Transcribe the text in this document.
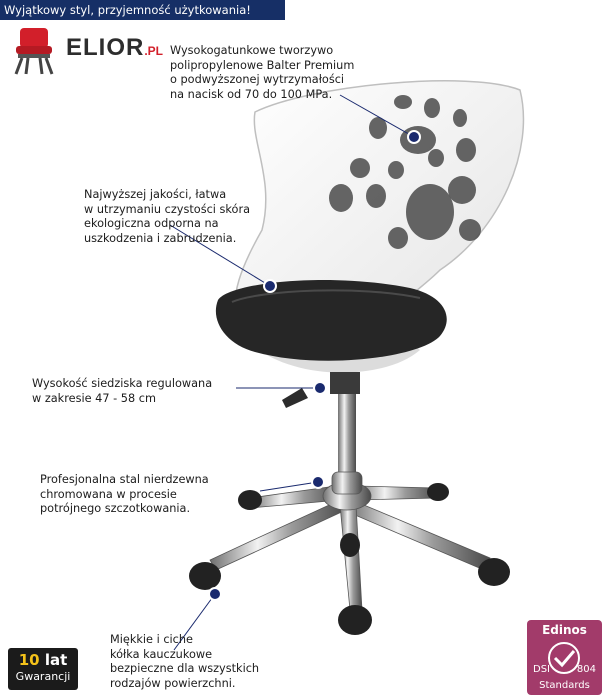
Wyjątkowy styl, przyjemność użytkowania!
ELIOR.PL Wysokogatunkowe tworzywo
polipropylenowe Balter Premium
o podwyższonej wytrzymałości
na nacisk od 70 do 100 MPa.
Najwyższej jakości, łatwa
w utrzymaniu czystości skóra
ekologiczna odporna na
uszkodzenia i zabrudzenia.
Wysokość siedziska regulowana
w zakresie 47 - 58 cm
Profesjonalna stal nierdzewna
chromowana w procesie
potrójnego szczotkowania.
Miękkie i ciche
kółka kauczukowe
bezpieczne dla wszystkich
rodzajów powierzchni.
10 lat
Gwarancji
Edinos
DSI	804
Standards
